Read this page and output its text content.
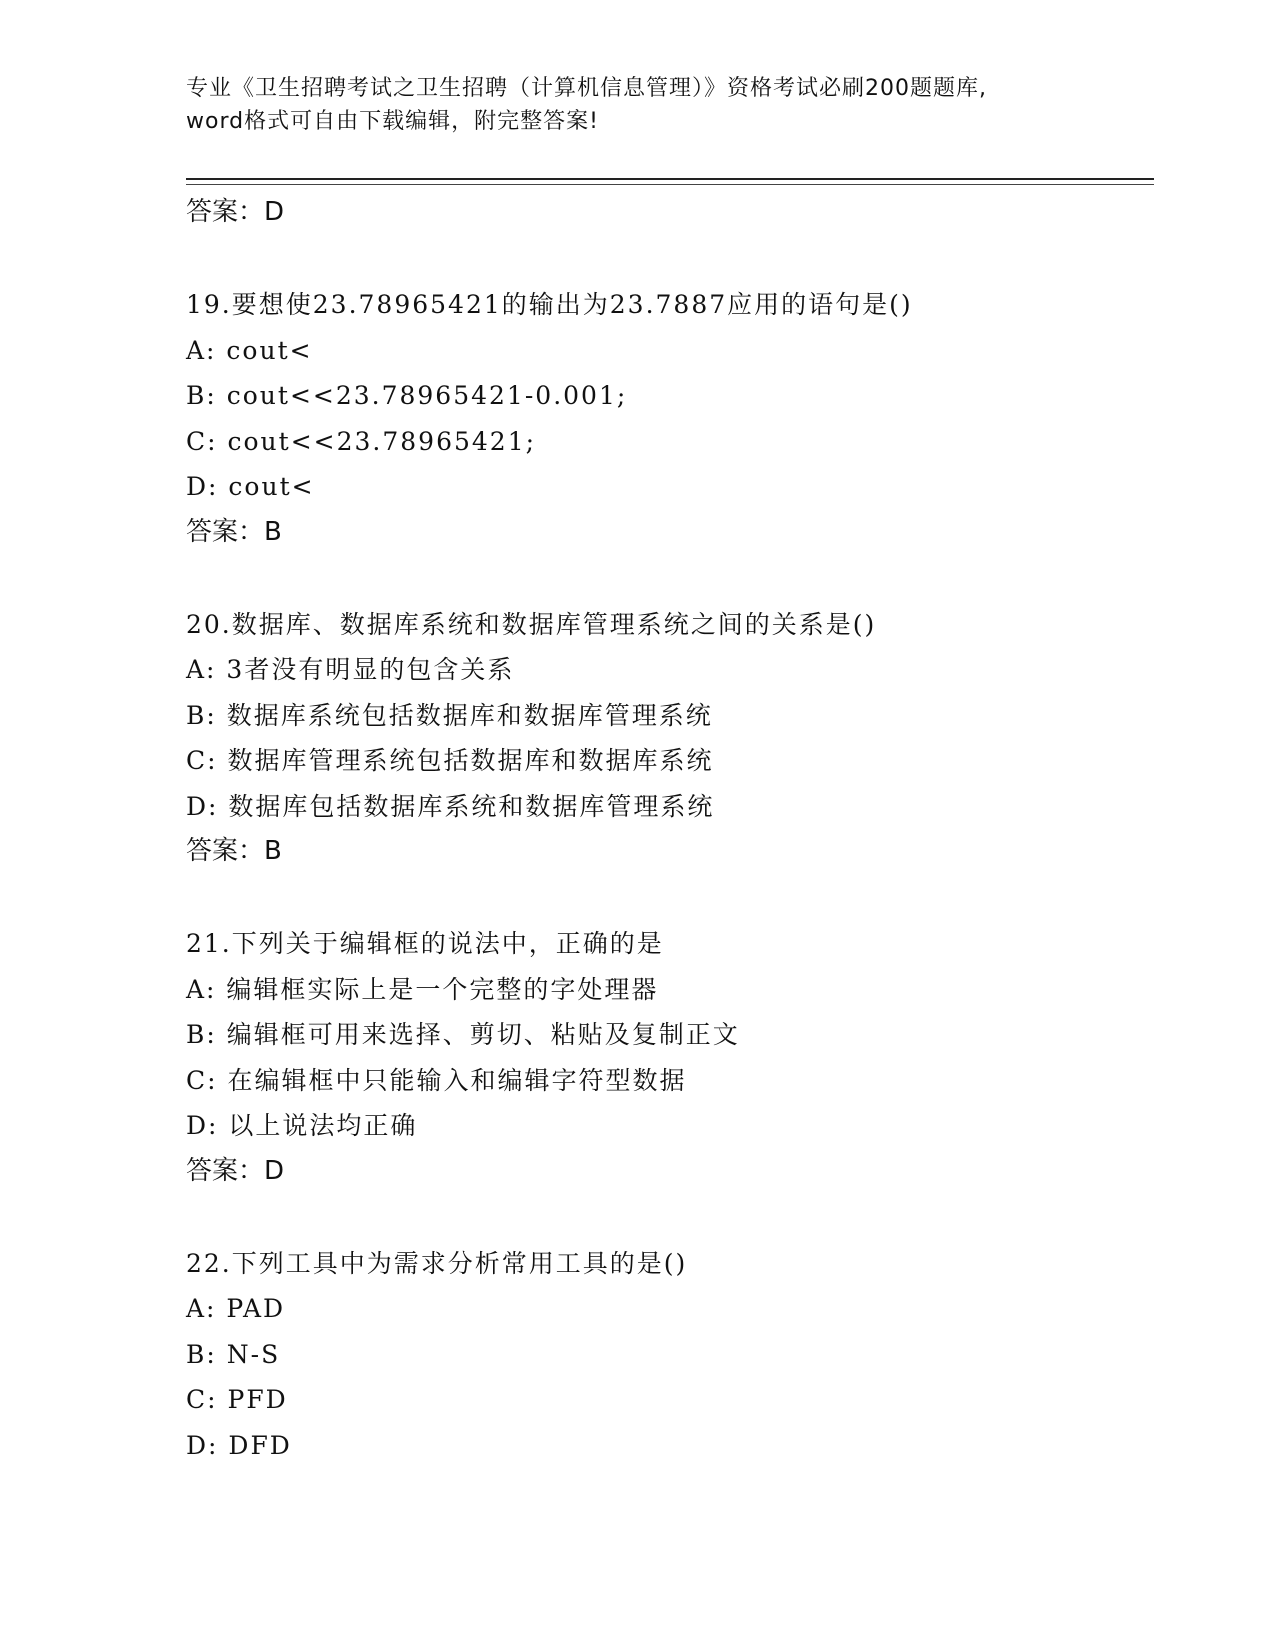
专业《卫生招聘考试之卫生招聘（计算机信息管理）》资格考试必刷200题题库,
word格式可自由下载编辑，附完整答案!
答案：D
19.要想使23.78965421的输出为23.7887应用的语句是()
A: cout<
B: cout<<23.78965421-0.001;
C: cout<<23.78965421;
D: cout<
答案：B
20.数据库、数据库系统和数据库管理系统之间的关系是()
A: 3者没有明显的包含关系
B: 数据库系统包括数据库和数据库管理系统
C: 数据库管理系统包括数据库和数据库系统
D: 数据库包括数据库系统和数据库管理系统
答案：B
21.下列关于编辑框的说法中，正确的是
A: 编辑框实际上是一个完整的字处理器
B: 编辑框可用来选择、剪切、粘贴及复制正文
C: 在编辑框中只能输入和编辑字符型数据
D: 以上说法均正确
答案：D
22.下列工具中为需求分析常用工具的是()
A: PAD
B: N-S
C: PFD
D: DFD
